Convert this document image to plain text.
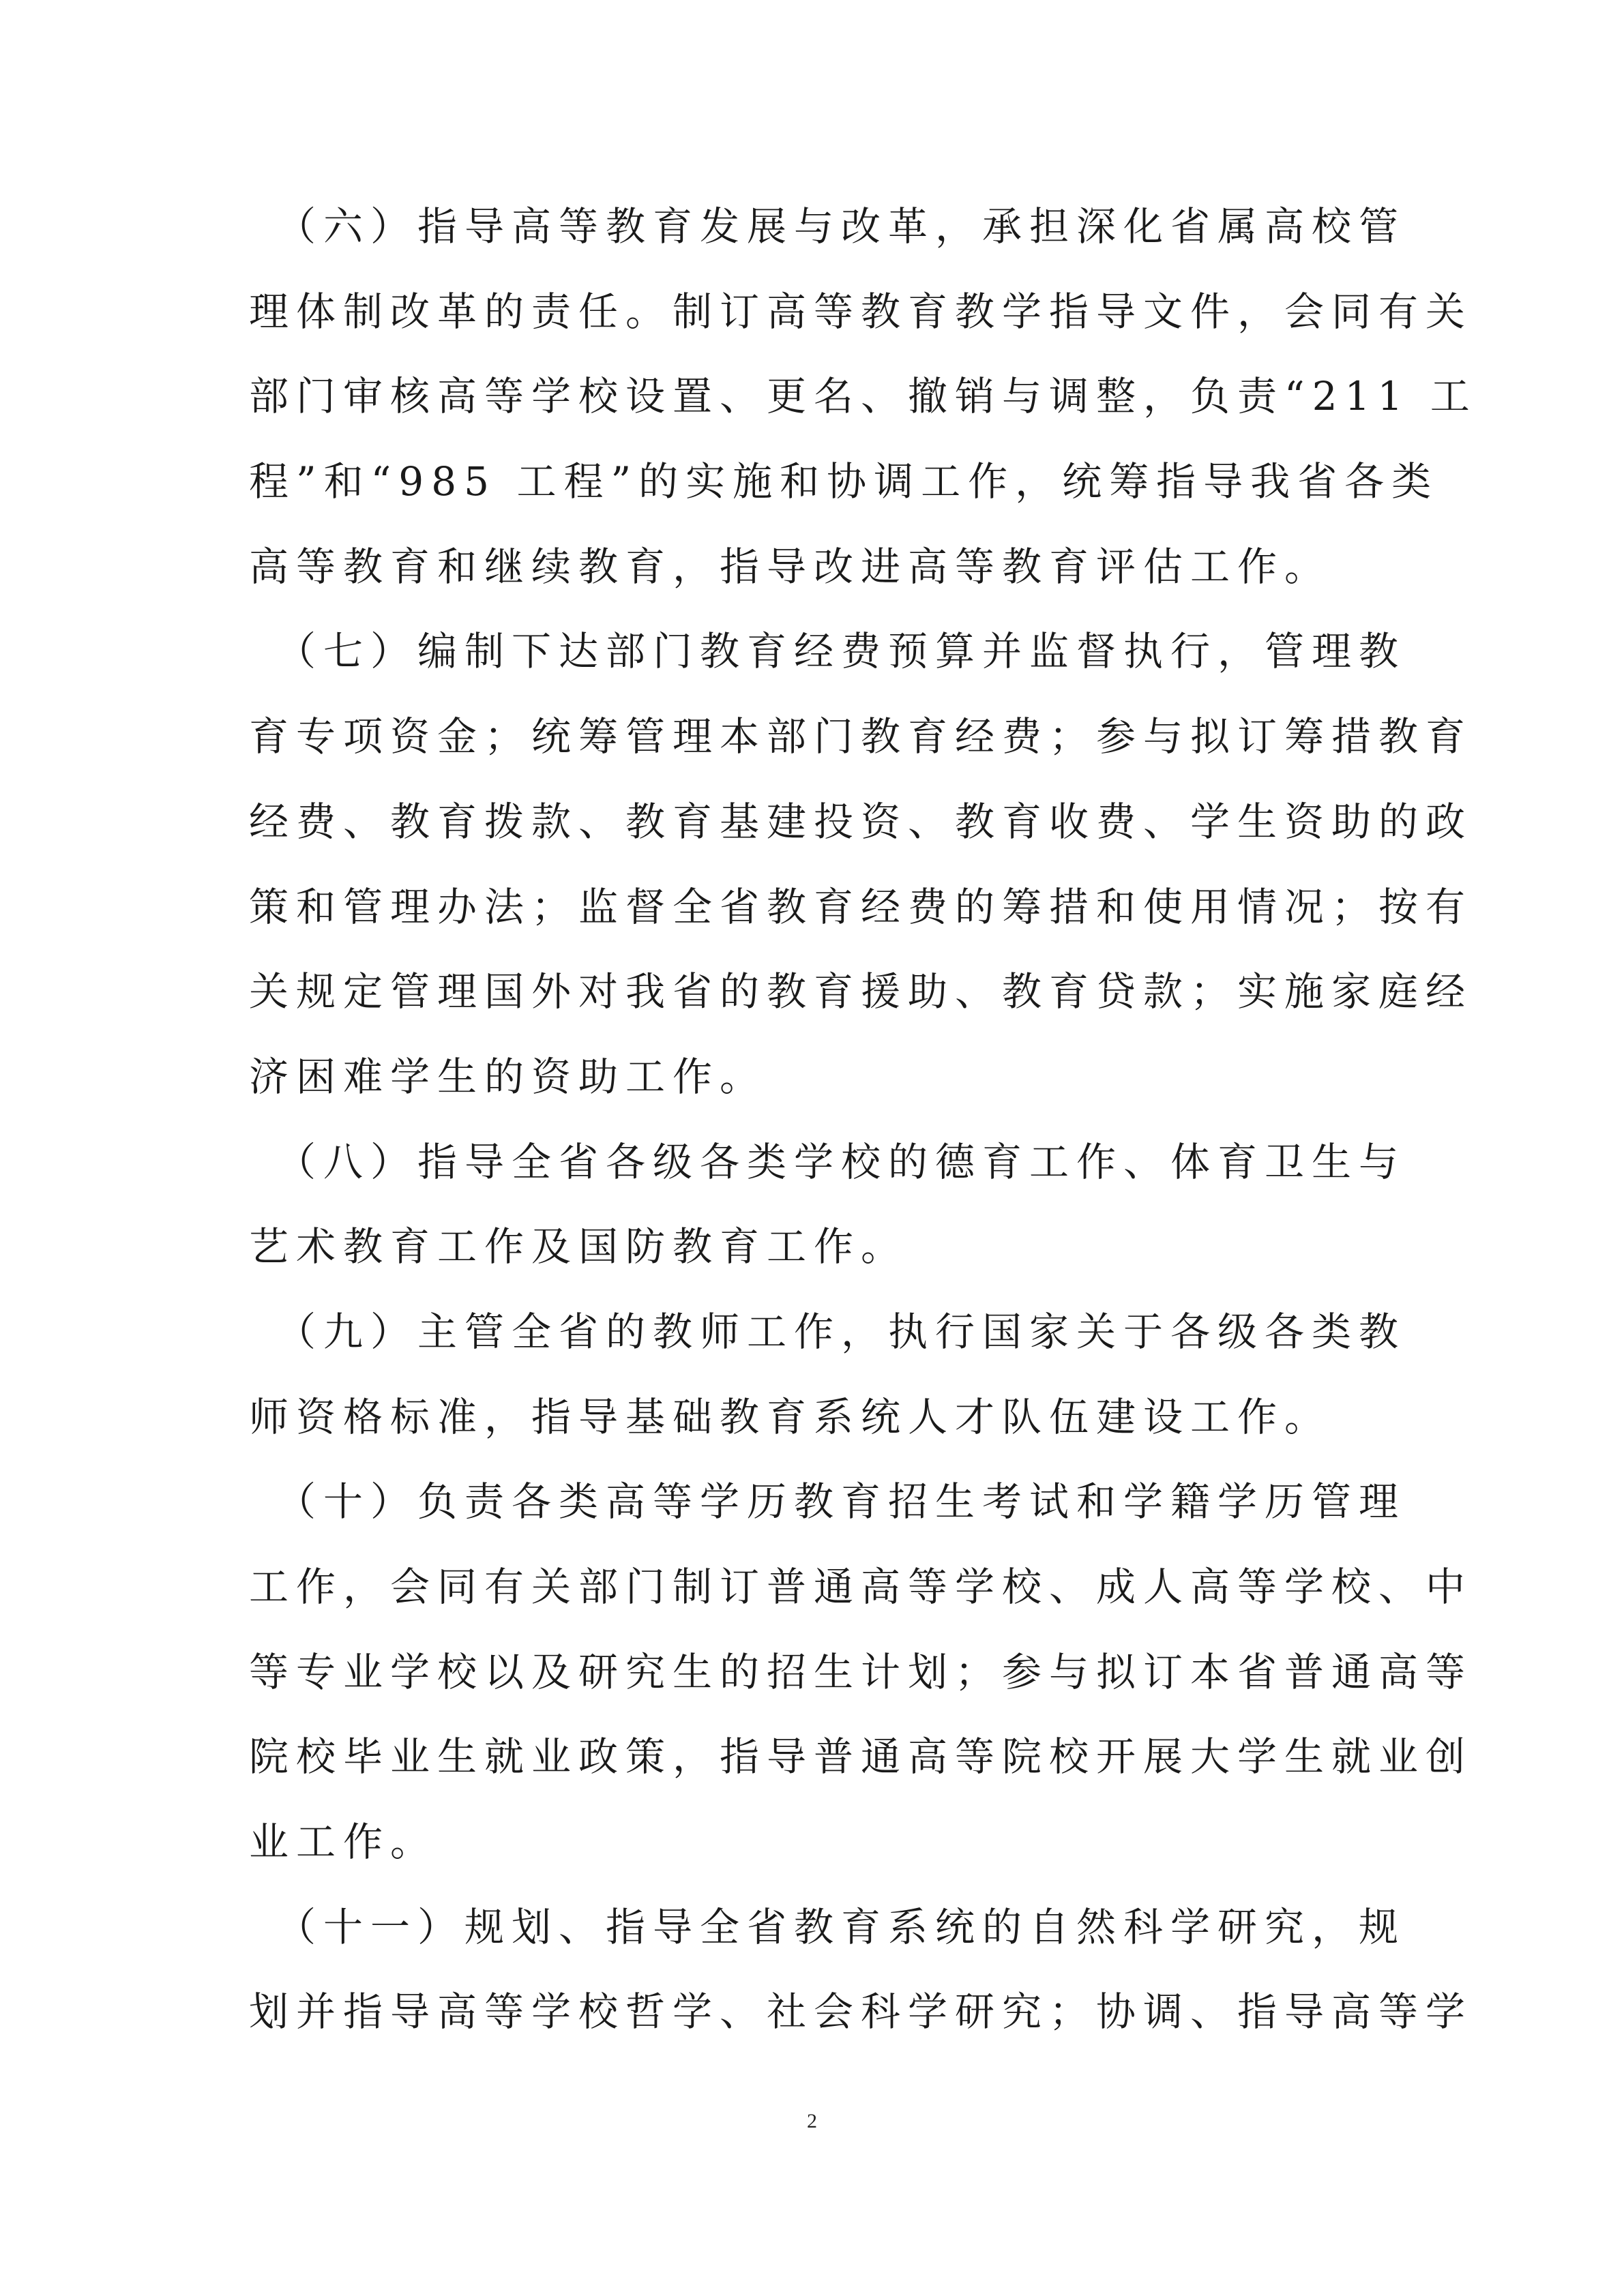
　（六）指导高等教育发展与改革，承担深化省属高校管
理体制改革的责任。制订高等教育教学指导文件，会同有关
部门审核高等学校设置、更名、撤销与调整，负责“211 工
程”和“985 工程”的实施和协调工作，统筹指导我省各类
高等教育和继续教育，指导改进高等教育评估工作。
　（七）编制下达部门教育经费预算并监督执行，管理教
育专项资金；统筹管理本部门教育经费；参与拟订筹措教育
经费、教育拨款、教育基建投资、教育收费、学生资助的政
策和管理办法；监督全省教育经费的筹措和使用情况；按有
关规定管理国外对我省的教育援助、教育贷款；实施家庭经
济困难学生的资助工作。
　（八）指导全省各级各类学校的德育工作、体育卫生与
艺术教育工作及国防教育工作。
　（九）主管全省的教师工作，执行国家关于各级各类教
师资格标准，指导基础教育系统人才队伍建设工作。
　（十）负责各类高等学历教育招生考试和学籍学历管理
工作，会同有关部门制订普通高等学校、成人高等学校、中
等专业学校以及研究生的招生计划；参与拟订本省普通高等
院校毕业生就业政策，指导普通高等院校开展大学生就业创
业工作。
　（十一）规划、指导全省教育系统的自然科学研究，规
划并指导高等学校哲学、社会科学研究；协调、指导高等学
2
